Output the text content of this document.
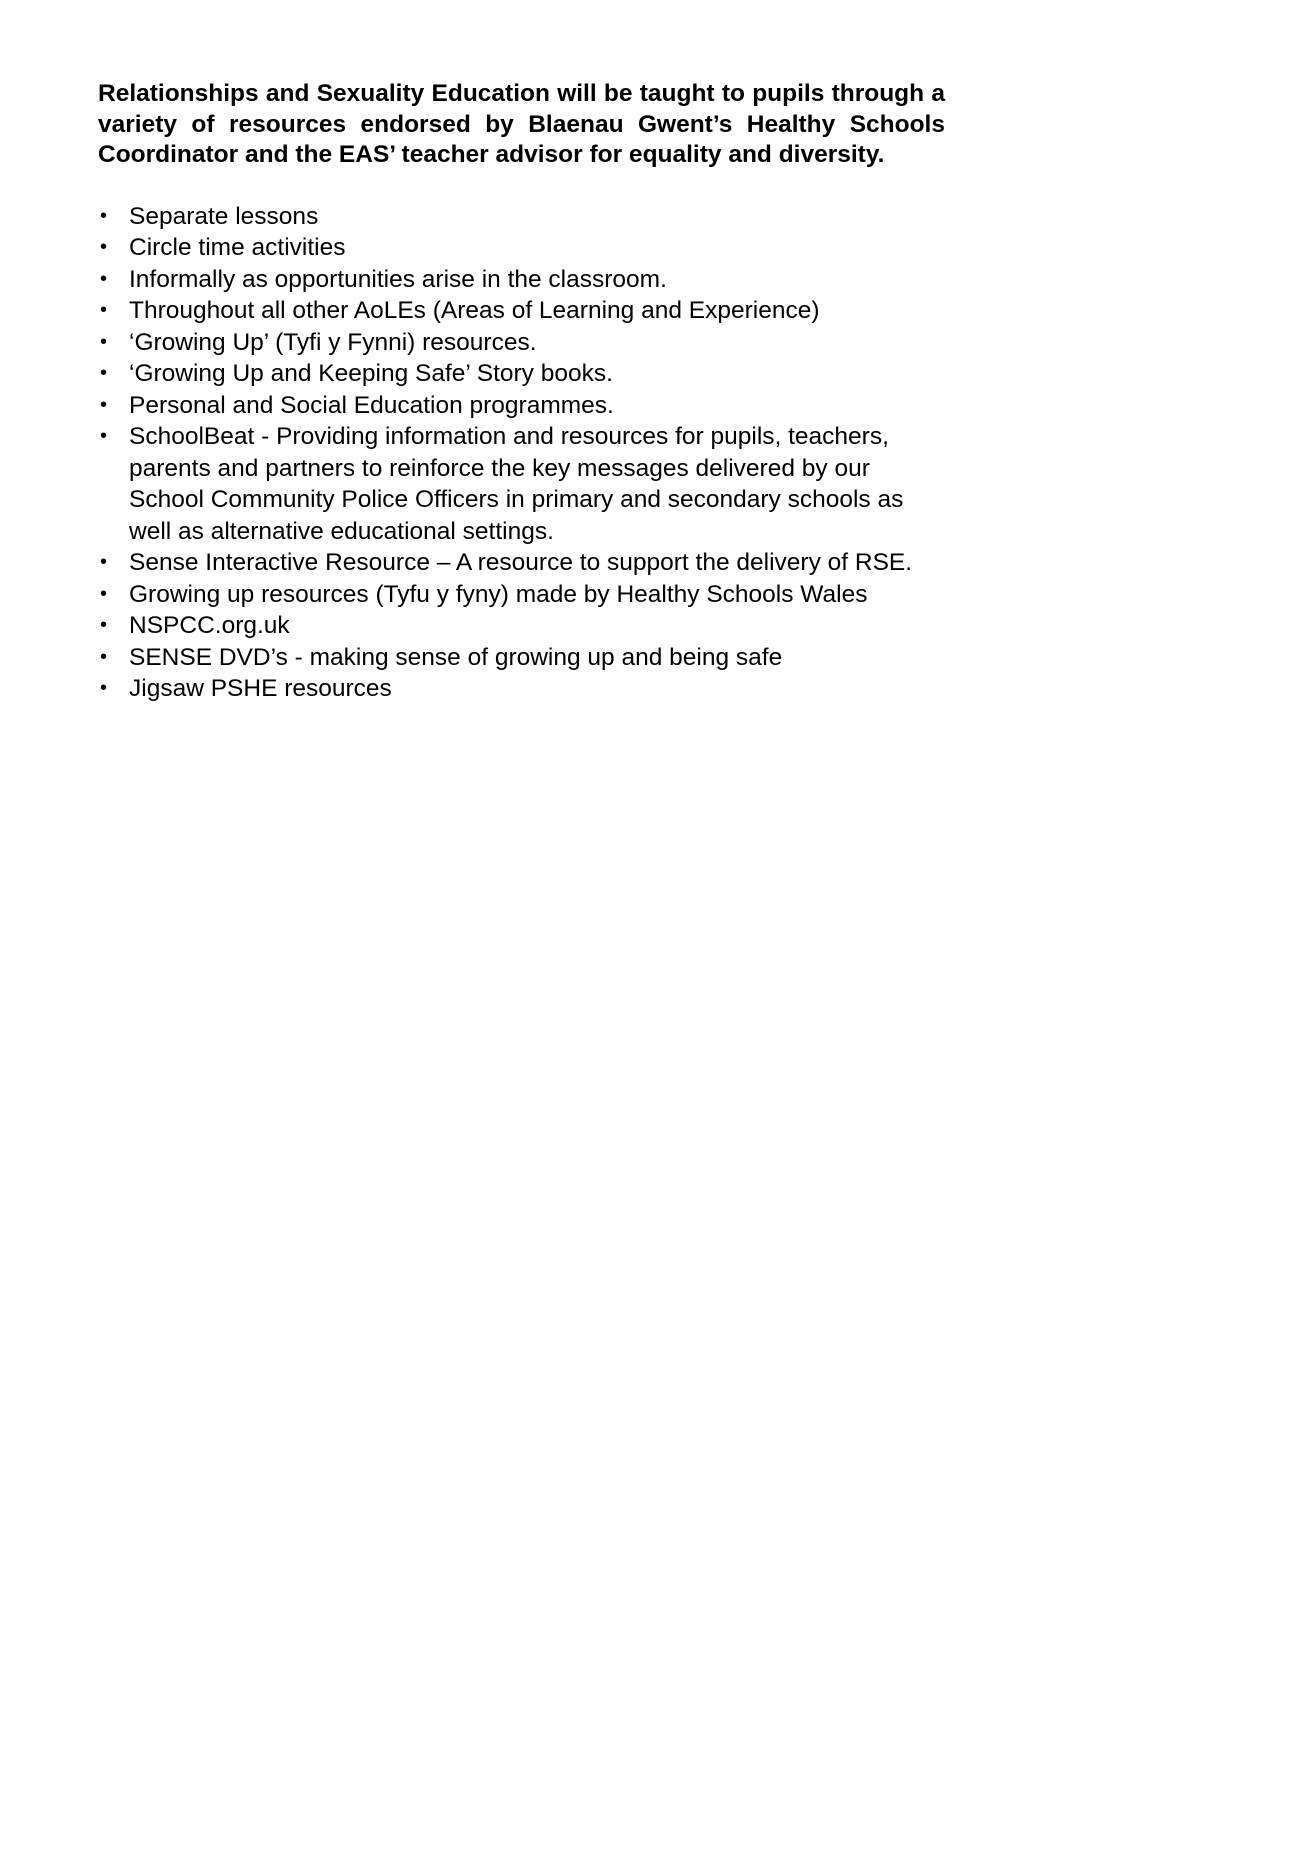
Relationships and Sexuality Education will be taught to pupils through a variety of resources endorsed by Blaenau Gwent’s Healthy Schools Coordinator and the EAS’ teacher advisor for equality and diversity.

• Separate lessons
• Circle time activities
• Informally as opportunities arise in the classroom.
• Throughout all other AoLEs (Areas of Learning and Experience)
• ‘Growing Up’ (Tyfi y Fynni) resources.
• ‘Growing Up and Keeping Safe’ Story books.
• Personal and Social Education programmes.
• SchoolBeat - Providing information and resources for pupils, teachers, parents and partners to reinforce the key messages delivered by our School Community Police Officers in primary and secondary schools as well as alternative educational settings.
• Sense Interactive Resource – A resource to support the delivery of RSE.
• Growing up resources (Tyfu y fyny) made by Healthy Schools Wales
• NSPCC.org.uk
• SENSE DVD’s - making sense of growing up and being safe
• Jigsaw PSHE resources
